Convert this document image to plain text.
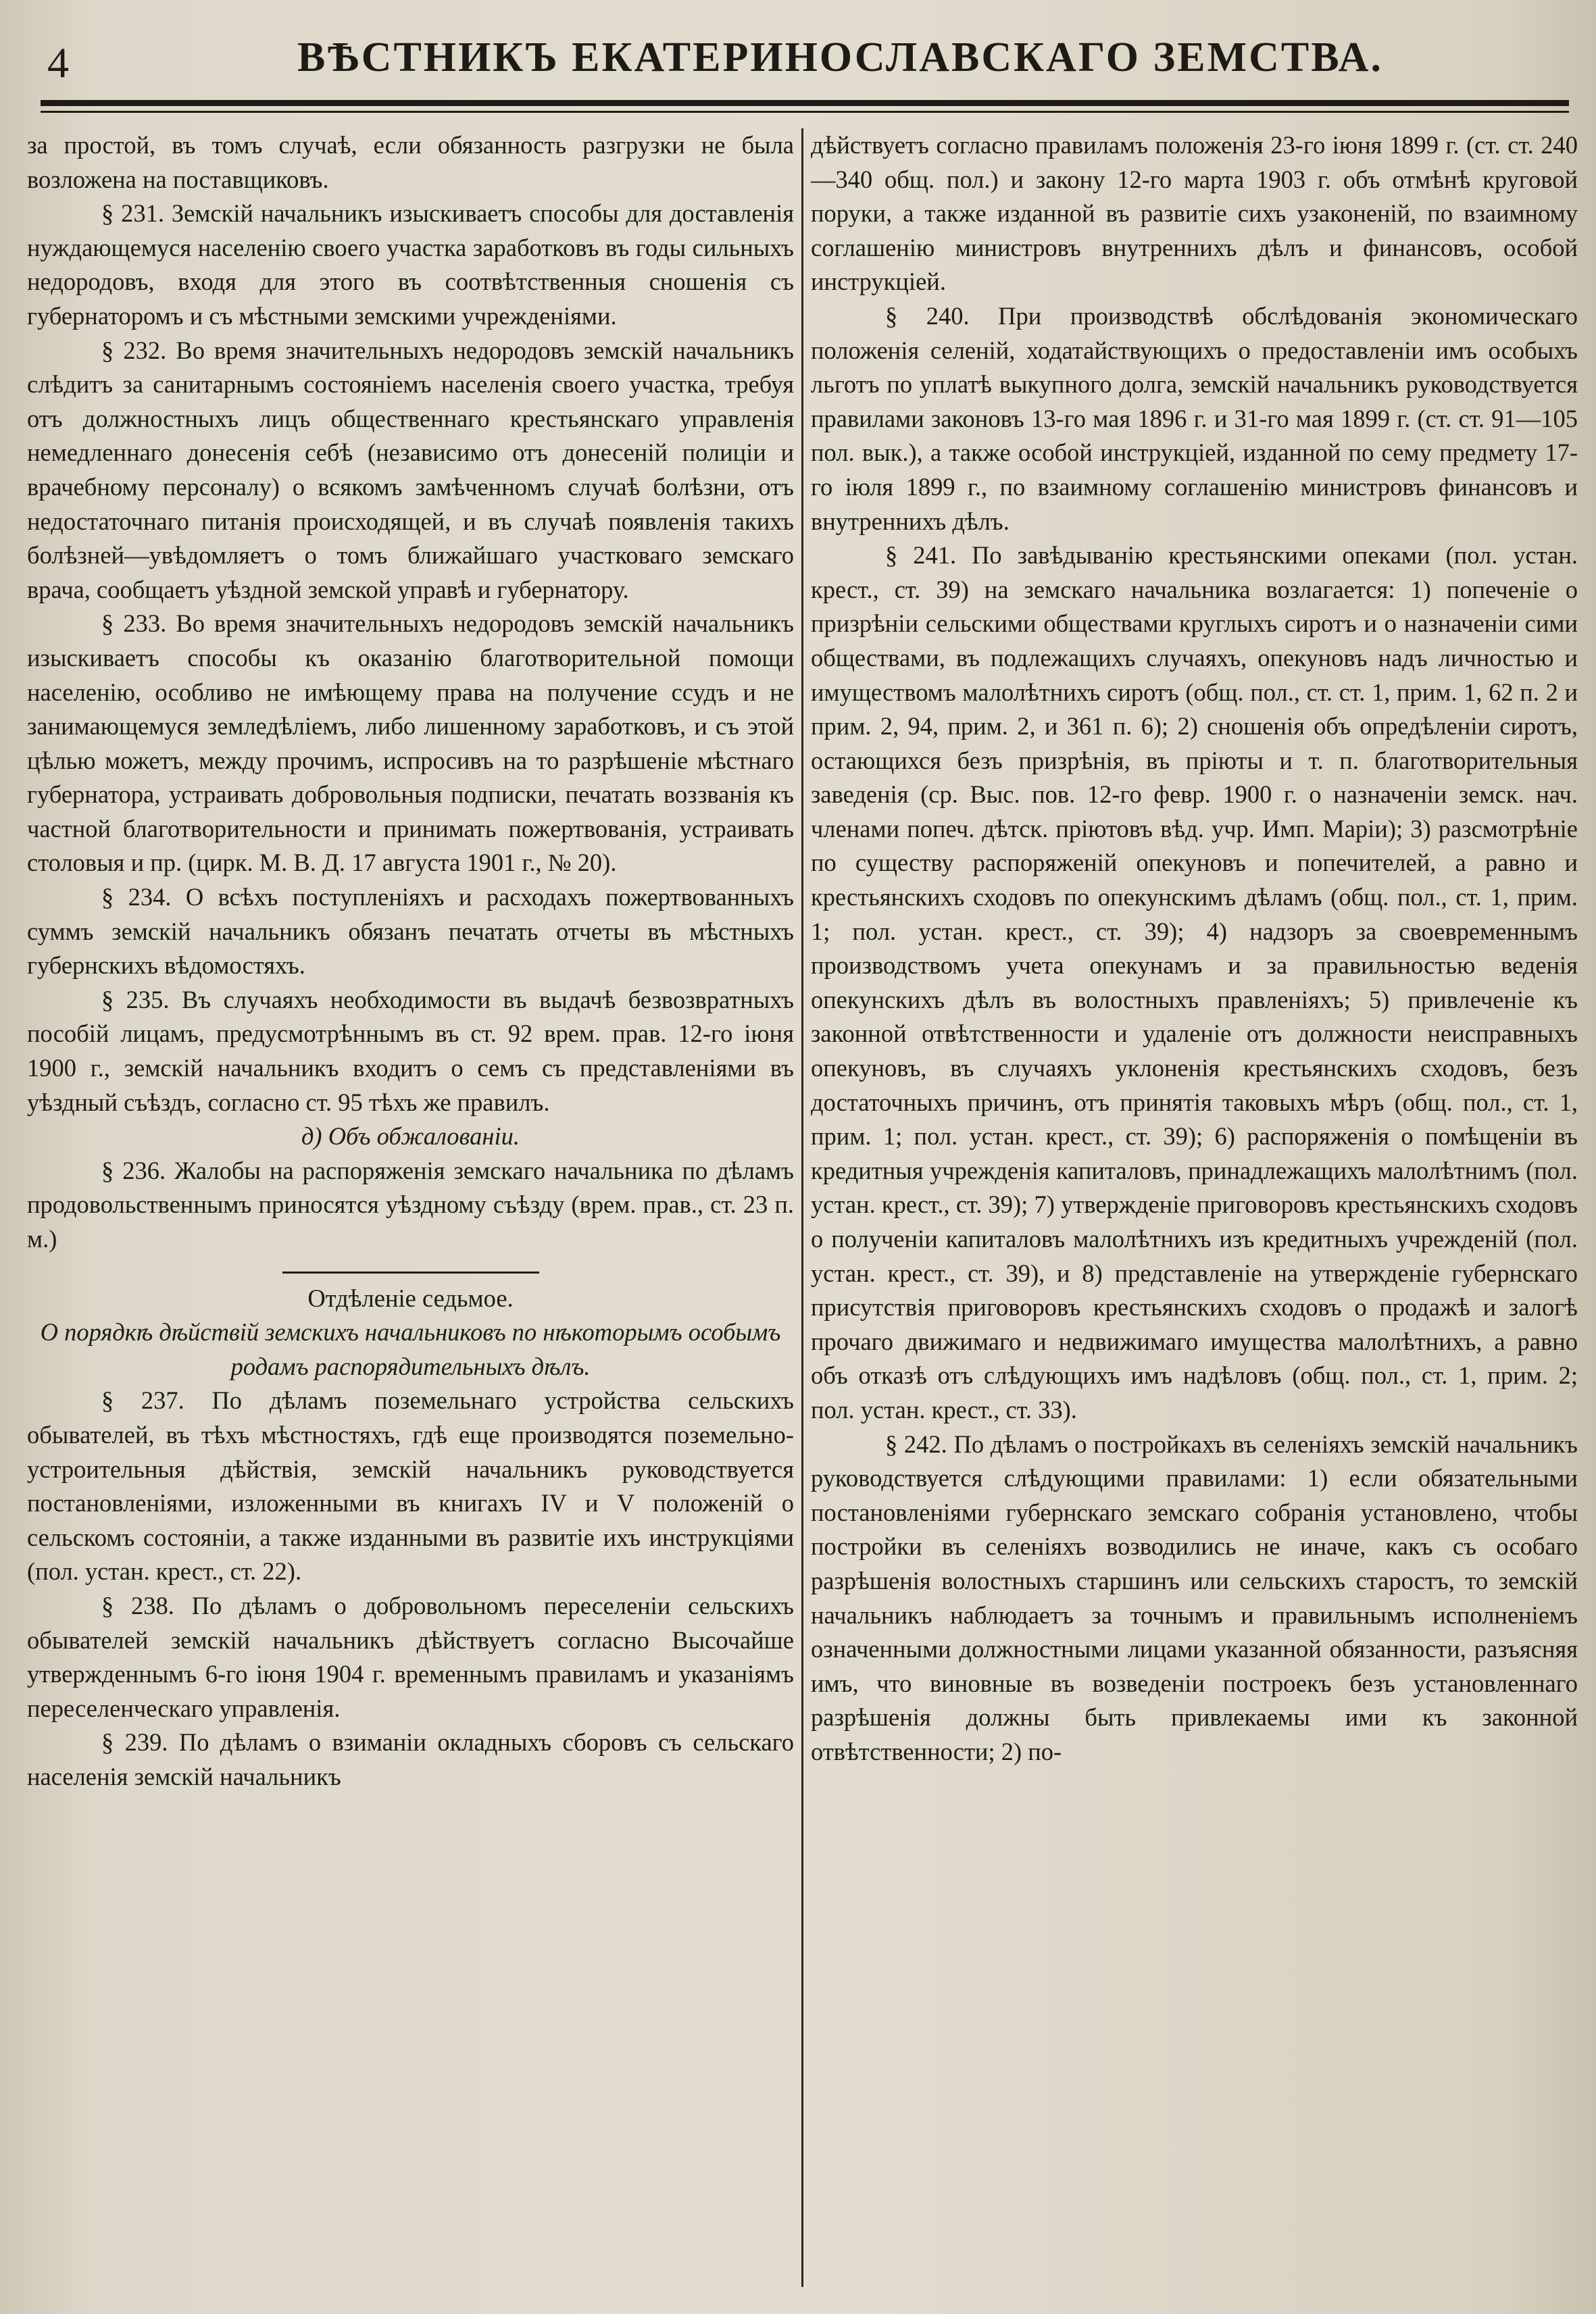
4	ВѢСТНИКЪ ЕКАТЕРИНОСЛАВСКАГО ЗЕМСТВА.

за простой, въ томъ случаѣ, если обязанность разгрузки не была возложена на поставщиковъ.

§ 231. Земскій начальникъ изыскиваетъ способы для доставленія нуждающемуся населенію своего участка заработковъ въ годы сильныхъ недородовъ, входя для этого въ соотвѣтственныя сношенія съ губернаторомъ и съ мѣстными земскими учрежденіями.

§ 232. Во время значительныхъ недородовъ земскій начальникъ слѣдитъ за санитарнымъ состояніемъ населенія своего участка, требуя отъ должностныхъ лицъ общественнаго крестьянскаго управленія немедленнаго донесенія себѣ (независимо отъ донесеній полиціи и врачебному персоналу) о всякомъ замѣченномъ случаѣ болѣзни, отъ недостаточнаго питанія происходящей, и въ случаѣ появленія такихъ болѣзней—увѣдомляетъ о томъ ближайшаго участковаго земскаго врача, сообщаетъ уѣздной земской управѣ и губернатору.

§ 233. Во время значительныхъ недородовъ земскій начальникъ изыскиваетъ способы къ оказанію благотворительной помощи населенію, особливо не имѣющему права на получение ссудъ и не занимающемуся земледѣліемъ, либо лишенному заработковъ, и съ этой цѣлью можетъ, между прочимъ, испросивъ на то разрѣшеніе мѣстнаго губернатора, устраивать добровольныя подписки, печатать воззванія къ частной благотворительности и принимать пожертвованія, устраивать столовыя и пр. (цирк. М. В. Д. 17 августа 1901 г., № 20).

§ 234. О всѣхъ поступленіяхъ и расходахъ пожертвованныхъ суммъ земскій начальникъ обязанъ печатать отчеты въ мѣстныхъ губернскихъ вѣдомостяхъ.

§ 235. Въ случаяхъ необходимости въ выдачѣ безвозвратныхъ пособій лицамъ, предусмотрѣннымъ въ ст. 92 врем. прав. 12-го іюня 1900 г., земскій начальникъ входитъ о семъ съ представленіями въ уѣздный съѣздъ, согласно ст. 95 тѣхъ же правилъ.

д) Объ обжалованіи.

§ 236. Жалобы на распоряженія земскаго начальника по дѣламъ продовольственнымъ приносятся уѣздному съѣзду (врем. прав., ст. 23 п. м.)

Отдѣленіе седьмое.

О порядкѣ дѣйствій земскихъ начальниковъ по нѣкоторымъ особымъ родамъ распорядительныхъ дѣлъ.

§ 237. По дѣламъ поземельнаго устройства сельскихъ обывателей, въ тѣхъ мѣстностяхъ, гдѣ еще производятся поземельно-устроительныя дѣйствія, земскій начальникъ руководствуется постановленіями, изложенными въ книгахъ IV и V положеній о сельскомъ состояніи, а также изданными въ развитіе ихъ инструкціями (пол. устан. крест., ст. 22).

§ 238. По дѣламъ о добровольномъ переселеніи сельскихъ обывателей земскій начальникъ дѣйствуетъ согласно Высочайше утвержденнымъ 6-го іюня 1904 г. временнымъ правиламъ и указаніямъ переселенческаго управленія.

§ 239. По дѣламъ о взиманіи окладныхъ сборовъ съ сельскаго населенія земскій начальникъ

дѣйствуетъ согласно правиламъ положенія 23-го іюня 1899 г. (ст. ст. 240—340 общ. пол.) и закону 12-го марта 1903 г. объ отмѣнѣ круговой поруки, а также изданной въ развитіе сихъ узаконеній, по взаимному соглашенію министровъ внутреннихъ дѣлъ и финансовъ, особой инструкціей.

§ 240. При производствѣ обслѣдованія экономическаго положенія селеній, ходатайствующихъ о предоставленіи имъ особыхъ льготъ по уплатѣ выкупного долга, земскій начальникъ руководствуется правилами законовъ 13-го мая 1896 г. и 31-го мая 1899 г. (ст. ст. 91—105 пол. вык.), а также особой инструкціей, изданной по сему предмету 17-го іюля 1899 г., по взаимному соглашенію министровъ финансовъ и внутреннихъ дѣлъ.

§ 241. По завѣдыванію крестьянскими опеками (пол. устан. крест., ст. 39) на земскаго начальника возлагается: 1) попеченіе о призрѣніи сельскими обществами круглыхъ сиротъ и о назначеніи сими обществами, въ подлежащихъ случаяхъ, опекуновъ надъ личностью и имуществомъ малолѣтнихъ сиротъ (общ. пол., ст. ст. 1, прим. 1, 62 п. 2 и прим. 2, 94, прим. 2, и 361 п. 6); 2) сношенія объ опредѣленіи сиротъ, остающихся безъ призрѣнія, въ пріюты и т. п. благотворительныя заведенія (ср. Выс. пов. 12-го февр. 1900 г. о назначеніи земск. нач. членами попеч. дѣтск. пріютовъ вѣд. учр. Имп. Маріи); 3) разсмотрѣніе по существу распоряженій опекуновъ и попечителей, а равно и крестьянскихъ сходовъ по опекунскимъ дѣламъ (общ. пол., ст. 1, прим. 1; пол. устан. крест., ст. 39); 4) надзоръ за своевременнымъ производствомъ учета опекунамъ и за правильностью веденія опекунскихъ дѣлъ въ волостныхъ правленіяхъ; 5) привлеченіе къ законной отвѣтственности и удаленіе отъ должности неисправныхъ опекуновъ, въ случаяхъ уклоненія крестьянскихъ сходовъ, безъ достаточныхъ причинъ, отъ принятія таковыхъ мѣръ (общ. пол., ст. 1, прим. 1; пол. устан. крест., ст. 39); 6) распоряженія о помѣщеніи въ кредитныя учрежденія капиталовъ, принадлежащихъ малолѣтнимъ (пол. устан. крест., ст. 39); 7) утвержденіе приговоровъ крестьянскихъ сходовъ о полученіи капиталовъ малолѣтнихъ изъ кредитныхъ учрежденій (пол. устан. крест., ст. 39), и 8) представленіе на утвержденіе губернскаго присутствія приговоровъ крестьянскихъ сходовъ о продажѣ и залогѣ прочаго движимаго и недвижимаго имущества малолѣтнихъ, а равно объ отказѣ отъ слѣдующихъ имъ надѣловъ (общ. пол., ст. 1, прим. 2; пол. устан. крест., ст. 33).

§ 242. По дѣламъ о постройкахъ въ селеніяхъ земскій начальникъ руководствуется слѣдующими правилами: 1) если обязательными постановленіями губернскаго земскаго собранія установлено, чтобы постройки въ селеніяхъ возводились не иначе, какъ съ особаго разрѣшенія волостныхъ старшинъ или сельскихъ старостъ, то земскій начальникъ наблюдаетъ за точнымъ и правильнымъ исполненіемъ означенными должностными лицами указанной обязанности, разъясняя имъ, что виновные въ возведеніи построекъ безъ установленнаго разрѣшенія должны быть привлекаемы ими къ законной отвѣтственности; 2) по-
